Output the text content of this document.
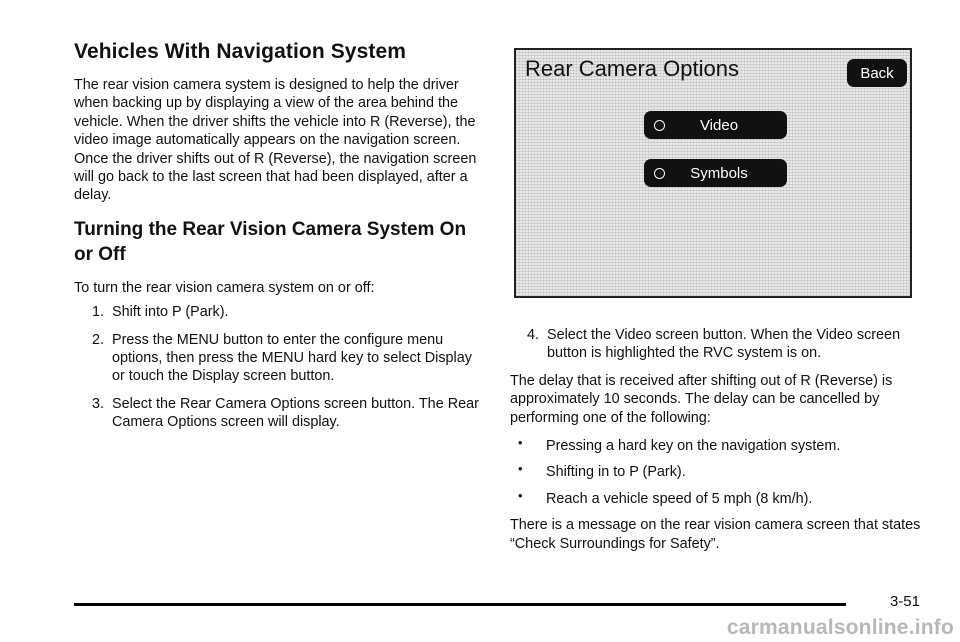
Vehicles With Navigation System
The rear vision camera system is designed to help the driver when backing up by displaying a view of the area behind the vehicle. When the driver shifts the vehicle into R (Reverse), the video image automatically appears on the navigation screen. Once the driver shifts out of R (Reverse), the navigation screen will go back to the last screen that had been displayed, after a delay.
Turning the Rear Vision Camera System On or Off
To turn the rear vision camera system on or off:
1. Shift into P (Park).
2. Press the MENU button to enter the configure menu options, then press the MENU hard key to select Display or touch the Display screen button.
3. Select the Rear Camera Options screen button. The Rear Camera Options screen will display.
Rear Camera Options	Back
Video
Symbols
4. Select the Video screen button. When the Video screen button is highlighted the RVC system is on.
The delay that is received after shifting out of R (Reverse) is approximately 10 seconds. The delay can be cancelled by performing one of the following:
•
Pressing a hard key on the navigation system.
•
Shifting in to P (Park).
•
Reach a vehicle speed of 5 mph (8 km/h).
There is a message on the rear vision camera screen that states “Check Surroundings for Safety”.
3-51
carmanualsonline.info
